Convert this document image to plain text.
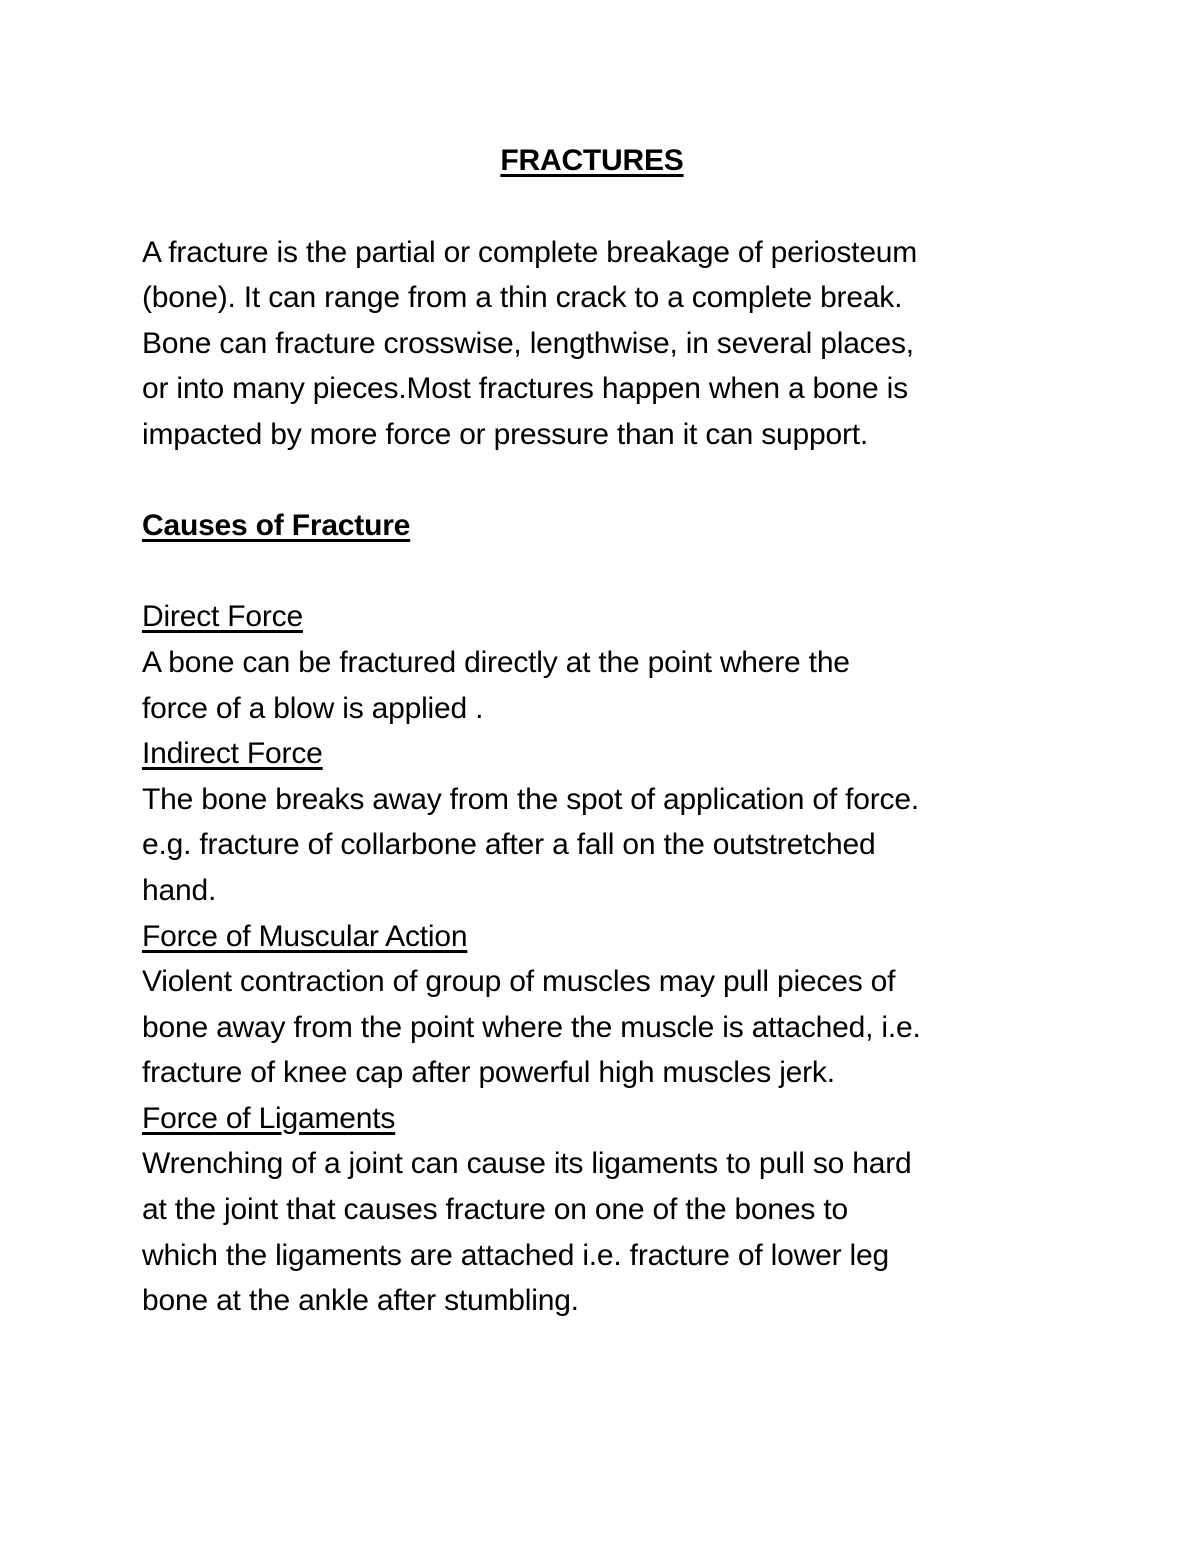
FRACTURES
A fracture is the partial or complete breakage of periosteum
(bone). It can range from a thin crack to a complete break.
Bone can fracture crosswise, lengthwise, in several places,
or into many pieces.Most fractures happen when a bone is
impacted by more force or pressure than it can support.
Causes of Fracture
Direct Force
A bone can be fractured directly at the point where the
force of a blow is applied .
Indirect Force
The bone breaks away from the spot of application of force.
e.g. fracture of collarbone after a fall on the outstretched
hand.
Force of Muscular Action
Violent contraction of group of muscles may pull pieces of
bone away from the point where the muscle is attached, i.e.
fracture of knee cap after powerful high muscles jerk.
Force of Ligaments
Wrenching of a joint can cause its ligaments to pull so hard
at the joint that causes fracture on one of the bones to
which the ligaments are attached i.e. fracture of lower leg
bone at the ankle after stumbling.
